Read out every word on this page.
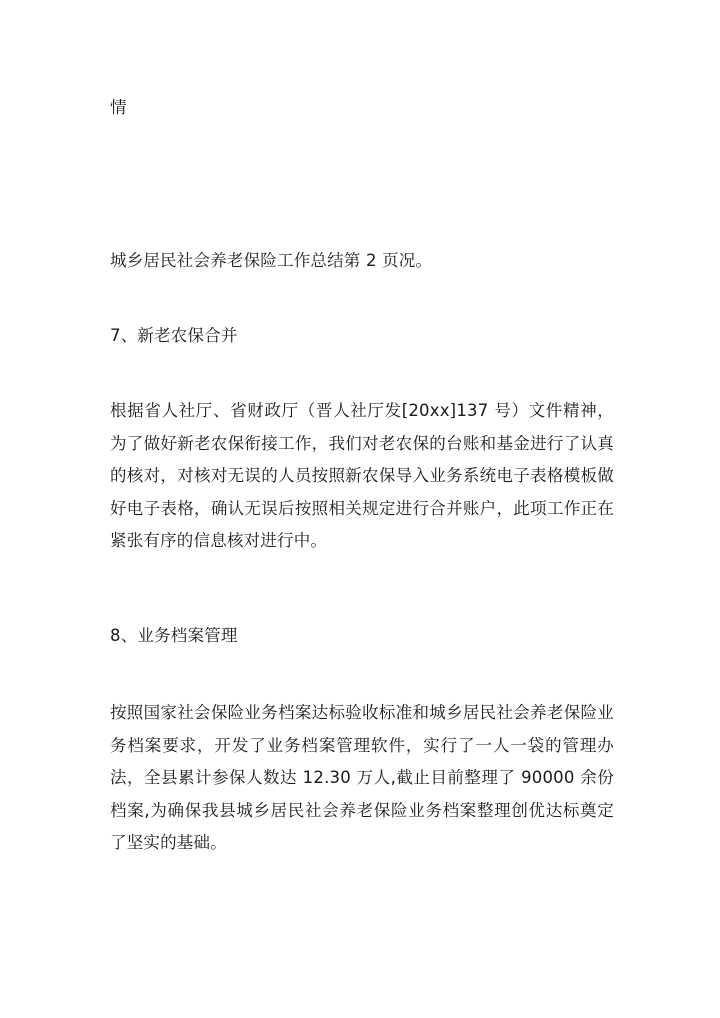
情
城乡居民社会养老保险工作总结第 2 页况。
7、新老农保合并
根据省人社厅、省财政厅（晋人社厅发[20xx]137 号）文件精神，为了做好新老农保衔接工作，我们对老农保的台账和基金进行了认真的核对，对核对无误的人员按照新农保导入业务系统电子表格模板做好电子表格，确认无误后按照相关规定进行合并账户，此项工作正在紧张有序的信息核对进行中。
8、业务档案管理
按照国家社会保险业务档案达标验收标准和城乡居民社会养老保险业务档案要求，开发了业务档案管理软件，实行了一人一袋的管理办法，全县累计参保人数达 12.30 万人,截止目前整理了 90000 余份档案,为确保我县城乡居民社会养老保险业务档案整理创优达标奠定了坚实的基础。
